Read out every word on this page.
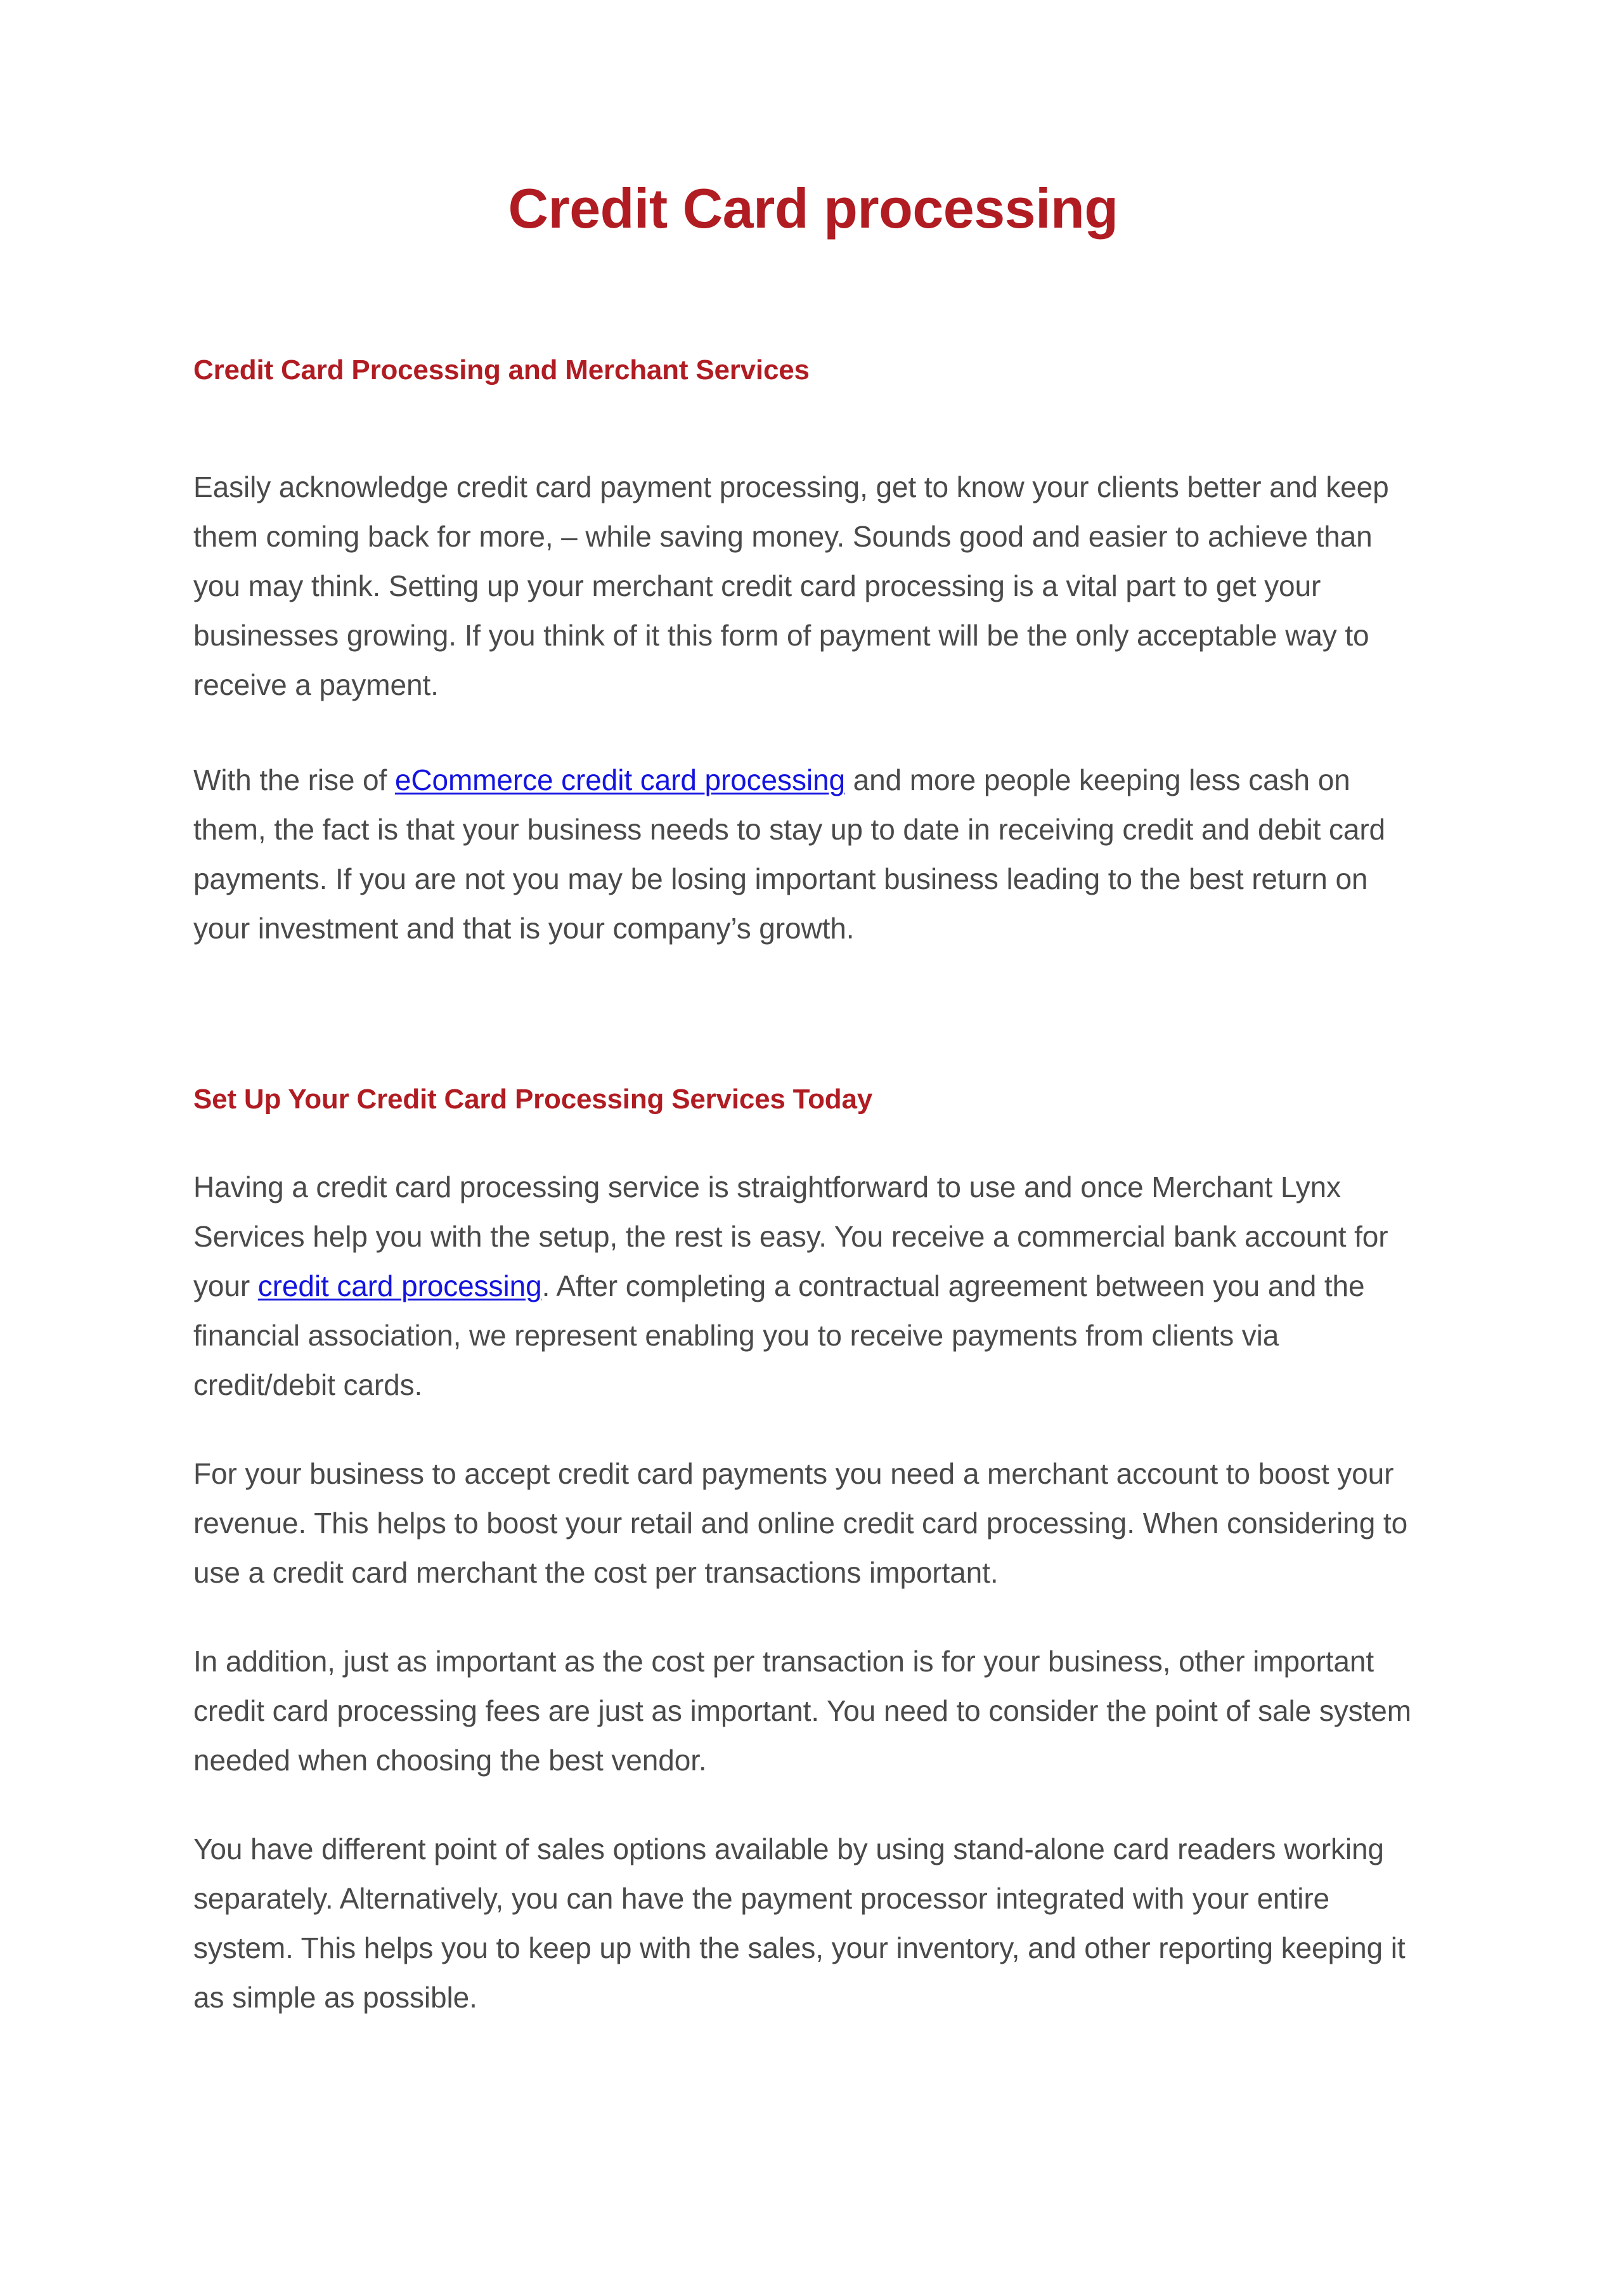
Credit Card processing
Credit Card Processing and Merchant Services

Easily acknowledge credit card payment processing, get to know your clients better and keep them coming back for more, – while saving money. Sounds good and easier to achieve than you may think. Setting up your merchant credit card processing is a vital part to get your businesses growing. If you think of it this form of payment will be the only acceptable way to receive a payment.

With the rise of eCommerce credit card processing and more people keeping less cash on them, the fact is that your business needs to stay up to date in receiving credit and debit card payments. If you are not you may be losing important business leading to the best return on your investment and that is your company’s growth.

Set Up Your Credit Card Processing Services Today

Having a credit card processing service is straightforward to use and once Merchant Lynx Services help you with the setup, the rest is easy. You receive a commercial bank account for your credit card processing. After completing a contractual agreement between you and the financial association, we represent enabling you to receive payments from clients via credit/debit cards.

For your business to accept credit card payments you need a merchant account to boost your revenue. This helps to boost your retail and online credit card processing. When considering to use a credit card merchant the cost per transactions important.

In addition, just as important as the cost per transaction is for your business, other important credit card processing fees are just as important. You need to consider the point of sale system needed when choosing the best vendor.

You have different point of sales options available by using stand-alone card readers working separately. Alternatively, you can have the payment processor integrated with your entire system. This helps you to keep up with the sales, your inventory, and other reporting keeping it as simple as possible.
